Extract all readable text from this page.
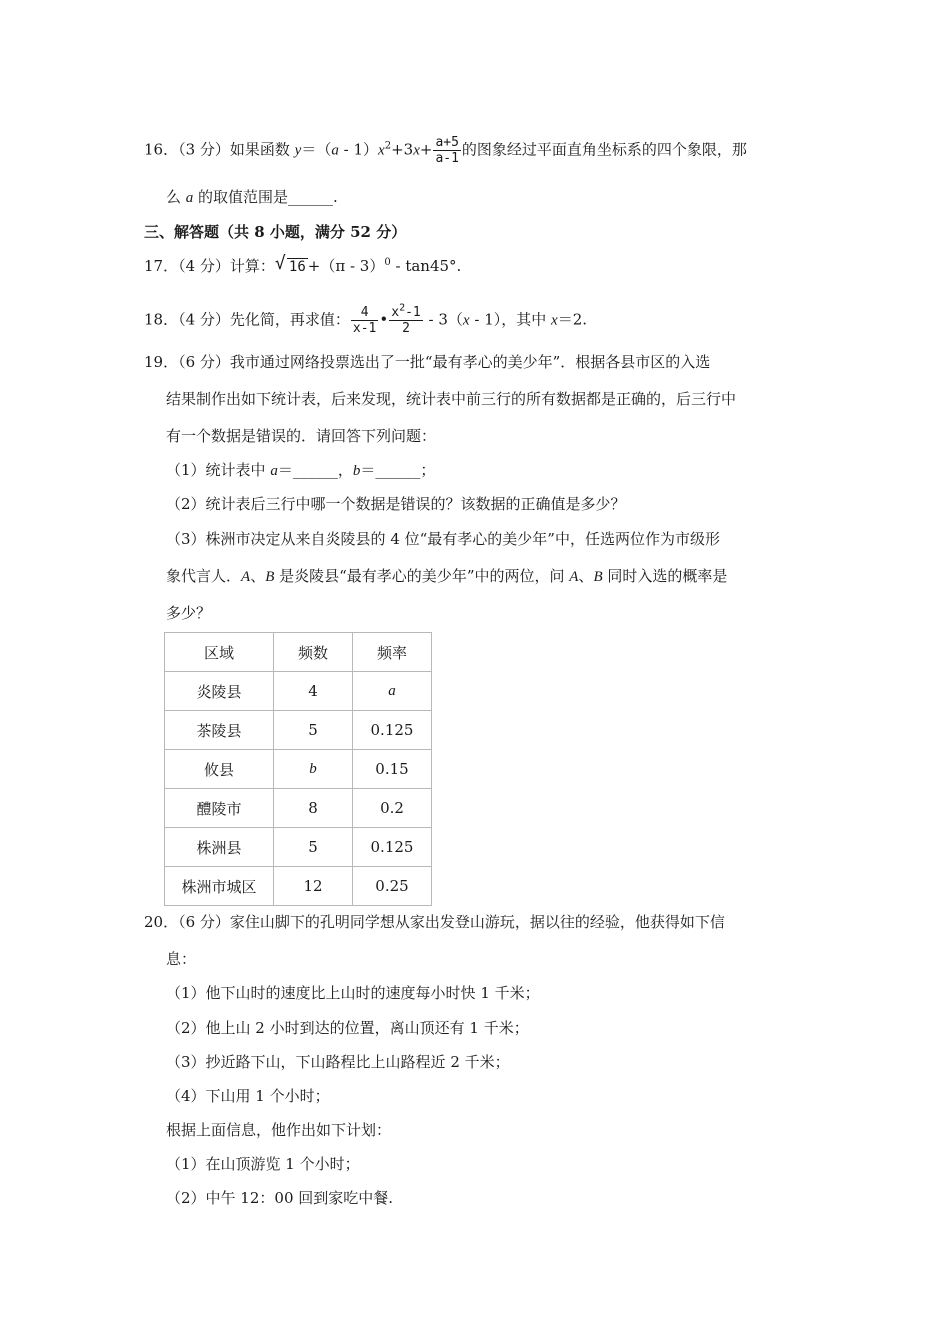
16．（3 分）如果函数 $y=(a - 1)x^2+3x+ \frac{a+5}{a-1}$ 的图象经过平面直角坐标系的四个象限，那
么 a 的取值范围是______.
三、解答题（共 8 小题，满分 52 分）
17．（4 分）计算： √ 16 +（π - 3）$^0$ - tan45°.
18．（4 分）先化简，再求值： $\frac{4}{x-1}$ • $\frac{x^2-1}{2} - 3(x - 1)$，其中 x＝2.
19．（6 分）我市通过网络投票选出了一批“最有孝心的美少年”．根据各县市区的入选
结果制作出如下统计表，后来发现，统计表中前三行的所有数据都是正确的，后三行中
有一个数据是错误的．请回答下列问题：
（1）统计表中 a＝______，b＝______；
（2）统计表后三行中哪一个数据是错误的？该数据的正确值是多少？
（3）株洲市决定从来自炎陵县的 4 位“最有孝心的美少年”中，任选两位作为市级形
象代言人．A、B 是炎陵县“最有孝心的美少年”中的两位，问 A、B 同时入选的概率是
多少？
区域	频数	频率
炎陵县	4	a
茶陵县	5	0.125
攸县	b	0.15
醴陵市	8	0.2
株洲县	5	0.125
株洲市城区	12	0.25
20．（6 分）家住山脚下的孔明同学想从家出发登山游玩，据以往的经验，他获得如下信
息：
（1）他下山时的速度比上山时的速度每小时快 1 千米；
（2）他上山 2 小时到达的位置，离山顶还有 1 千米；
（3）抄近路下山，下山路程比上山路程近 2 千米；
（4）下山用 1 个小时；
根据上面信息，他作出如下计划：
（1）在山顶游览 1 个小时；
（2）中午 12：00 回到家吃中餐.
